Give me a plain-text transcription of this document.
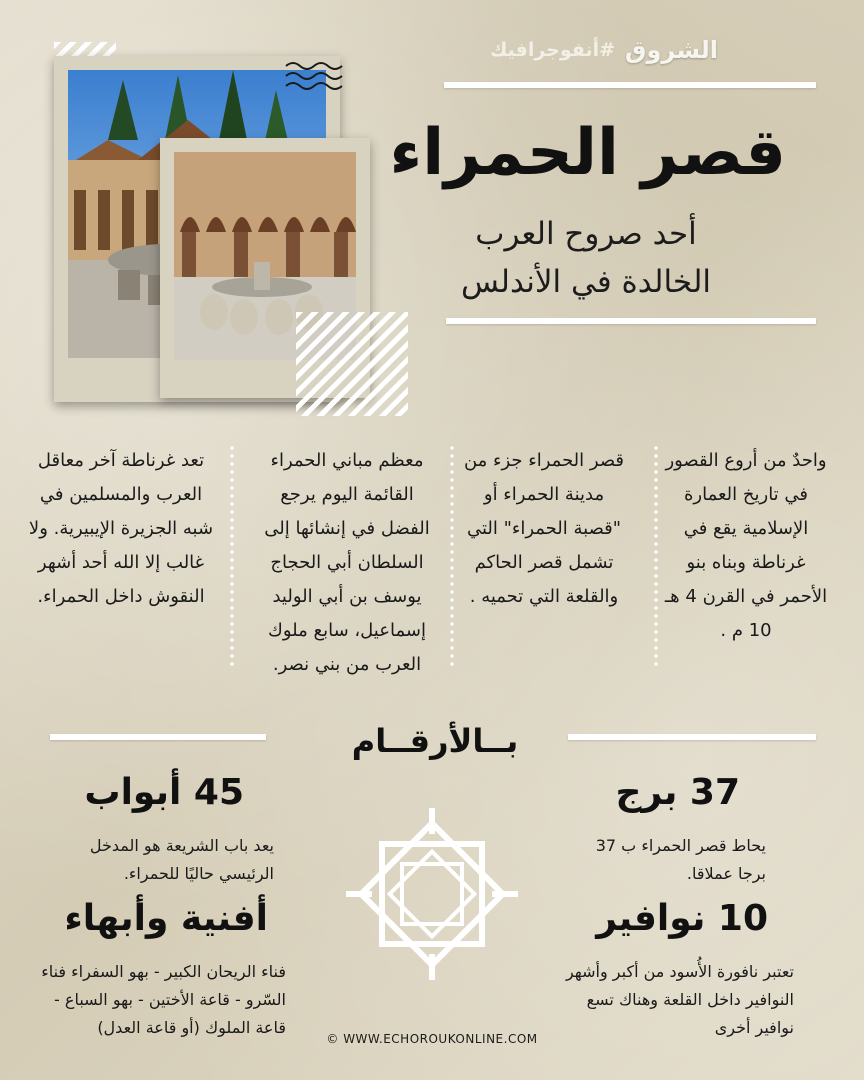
الشروق
#أنفوجرافيك
قصر الحمراء
أحد صروح العرب
الخالدة في الأندلس
واحدٌ من أروع القصور في تاريخ العمارة الإسلامية يقع في غرناطة وبناه بنو الأحمر في القرن 4 هـ 10 م .
قصر الحمراء جزء من مدينة الحمراء أو "قصبة الحمراء" التي تشمل قصر الحاكم والقلعة التي تحميه .
معظم مباني الحمراء القائمة اليوم يرجع الفضل في إنشائها إلى السلطان أبي الحجاج يوسف بن أبي الوليد إسماعيل، سابع ملوك العرب من بني نصر.
تعد غرناطة آخر معاقل العرب والمسلمين في شبه الجزيرة الإيبيرية. ولا غالب إلا الله أحد أشهر النقوش داخل الحمراء.
بــالأرقــام
37 برج
يحاط قصر الحمراء ب 37 برجا عملاقا.
45 أبواب
يعد باب الشريعة هو المدخل الرئيسي حاليًا للحمراء.
10 نوافير
تعتبر نافورة الأُسود من أكبر وأشهر النوافير داخل القلعة وهناك تسع نوافير أخرى
أفنية وأبهاء
فناء الريحان الكبير - بهو السفراء فناء السّرو - قاعة الأختين - بهو السباع - قاعة الملوك (أو قاعة العدل)
© WWW.ECHOROUKONLINE.COM
